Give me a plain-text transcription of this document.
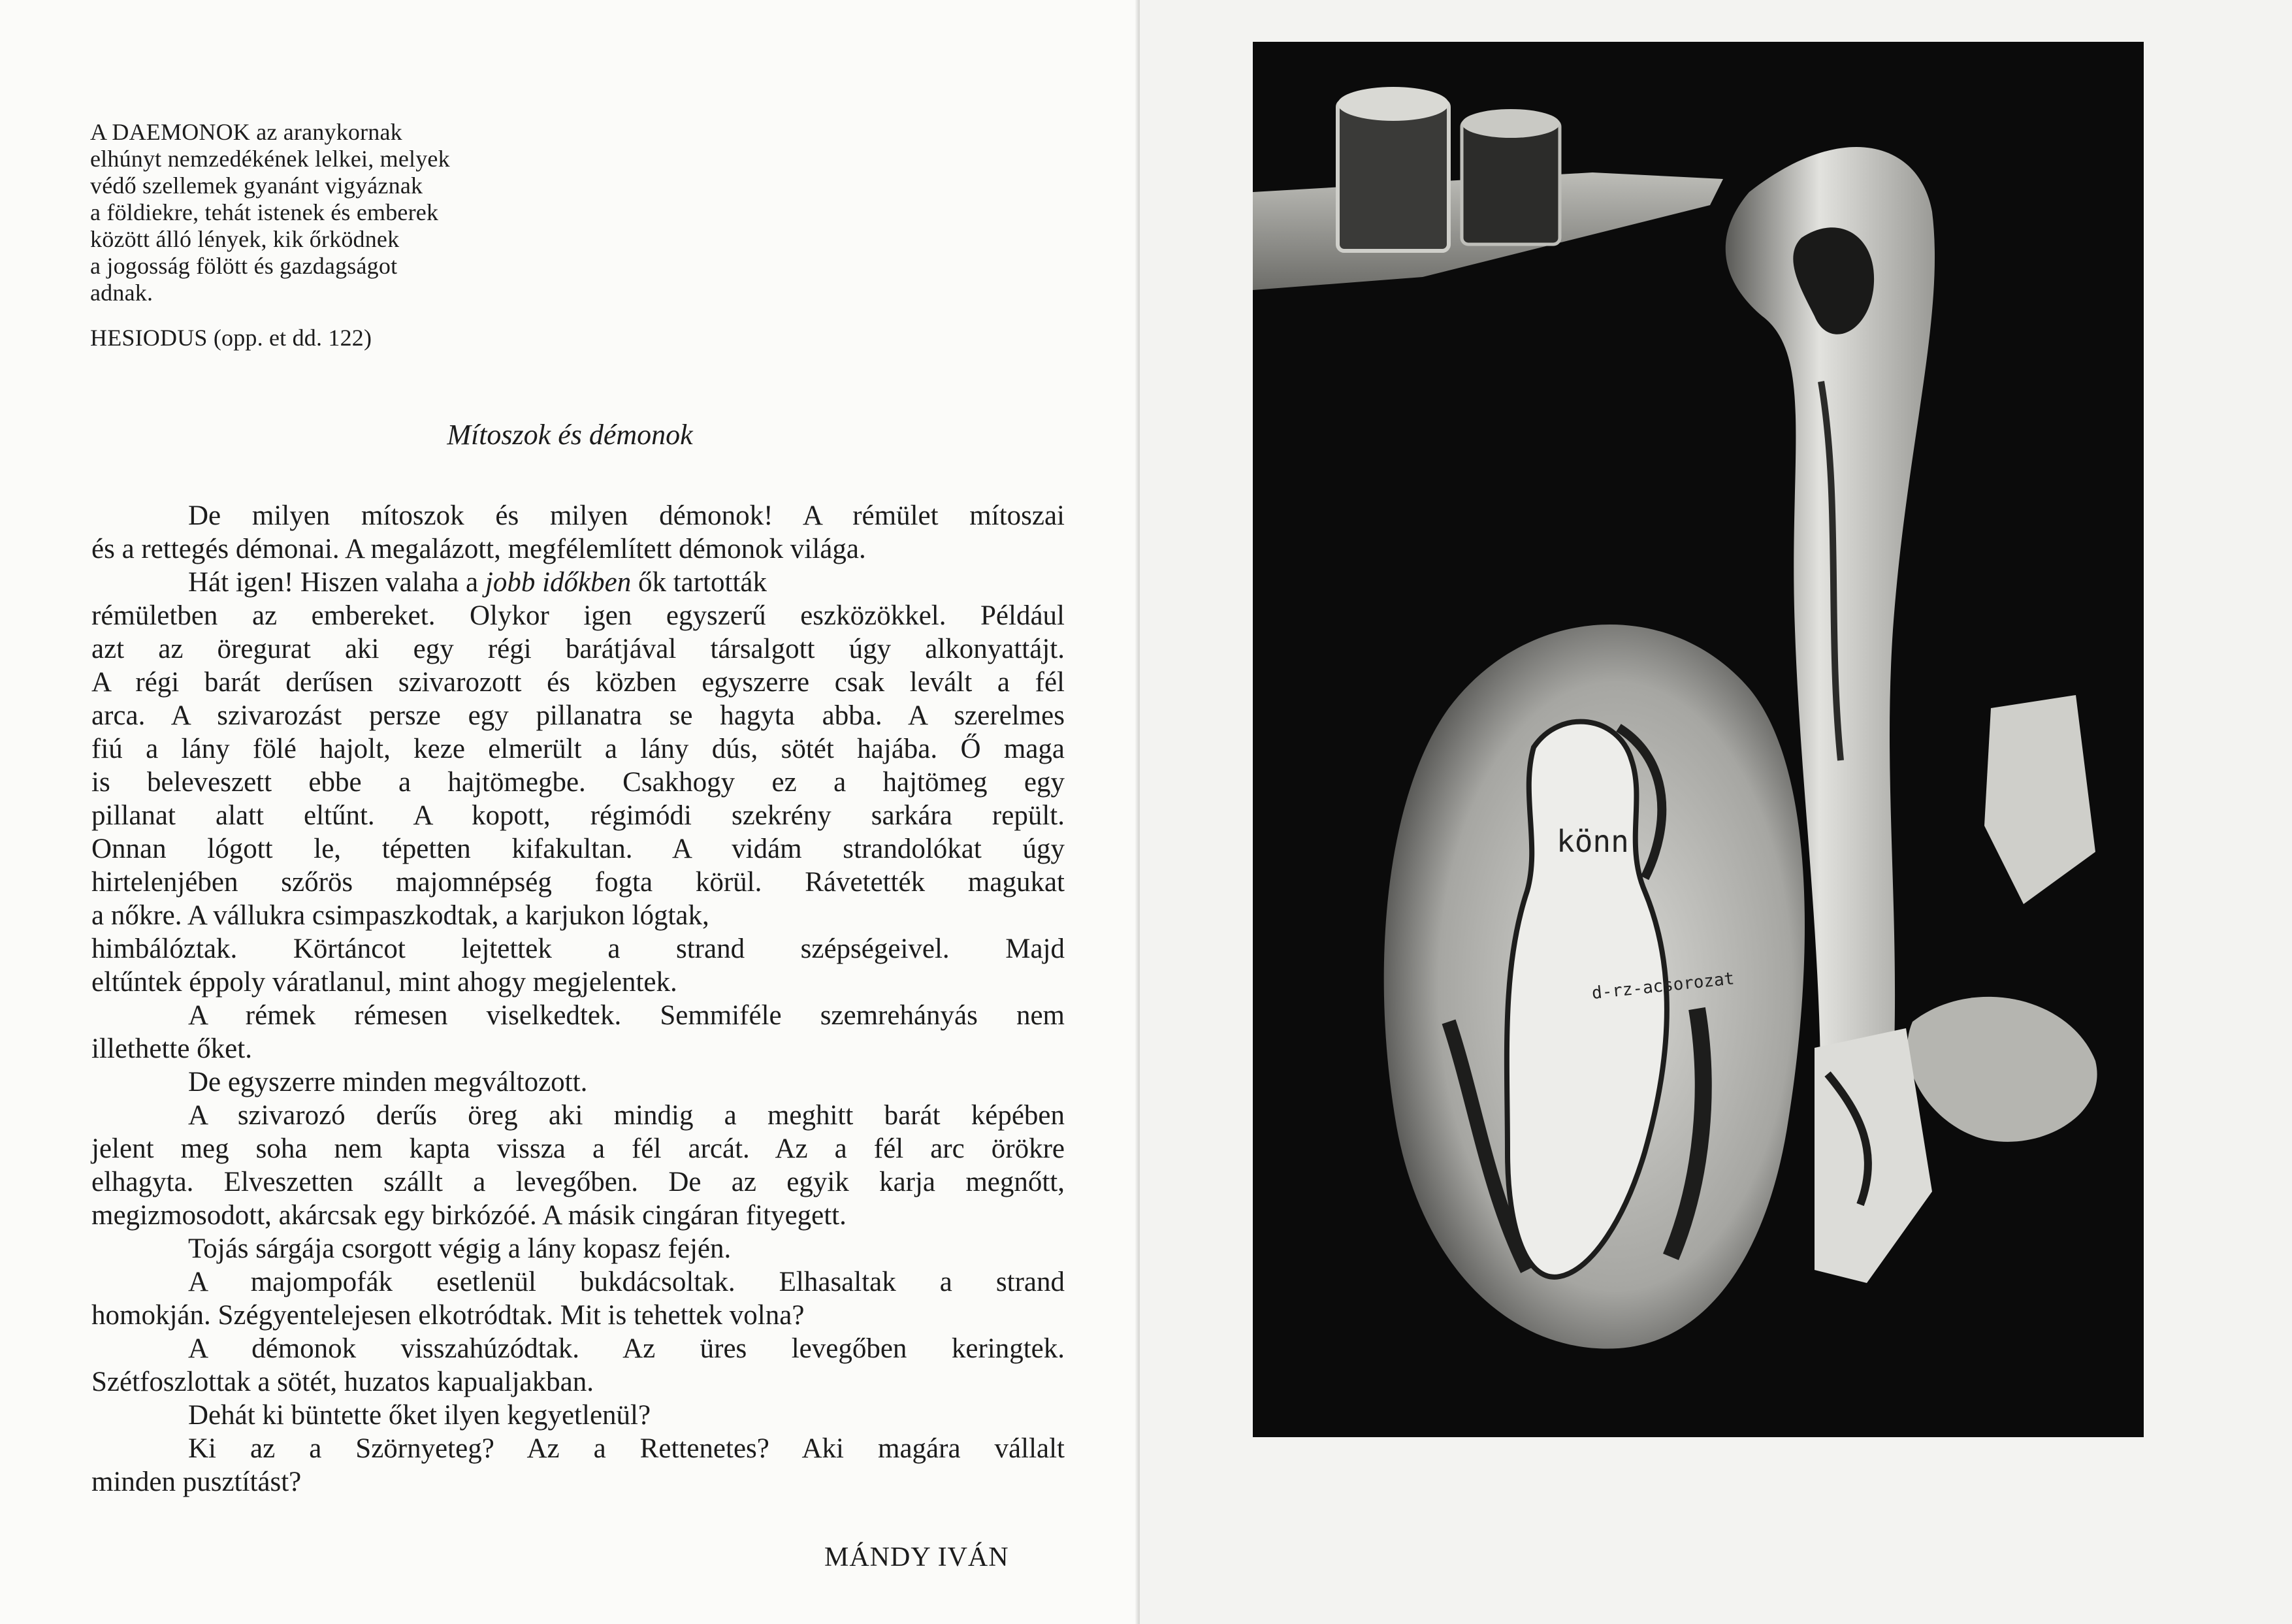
A DAEMONOK az aranykornak
elhúnyt nemzedékének lelkei, melyek
védő szellemek gyanánt vigyáznak
a földiekre, tehát istenek és emberek
között álló lények, kik őrködnek
a jogosság fölött és gazdagságot
adnak.
HESIODUS (opp. et dd. 122)
Mítoszok és démonok
De milyen mítoszok és milyen démonok! A rémület mítoszai
és a rettegés démonai. A megalázott, megfélemlített démonok világa.
Hát igen! Hiszen valaha a jobb időkben ők tartották
rémületben az embereket. Olykor igen egyszerű eszközökkel. Például
azt az öregurat aki egy régi barátjával társalgott úgy alkonyattájt.
A régi barát derűsen szivarozott és közben egyszerre csak levált a fél
arca. A szivarozást persze egy pillanatra se hagyta abba. A szerelmes
fiú a lány fölé hajolt, keze elmerült a lány dús, sötét hajába. Ő maga
is beleveszett ebbe a hajtömegbe. Csakhogy ez a hajtömeg egy
pillanat alatt eltűnt. A kopott, régimódi szekrény sarkára repült.
Onnan lógott le, tépetten kifakultan. A vidám strandolókat úgy
hirtelenjében szőrös majomnépség fogta körül. Rávetették magukat
a nőkre. A vállukra csimpaszkodtak, a karjukon lógtak,
himbálóztak. Körtáncot lejtettek a strand szépségeivel. Majd
eltűntek éppoly váratlanul, mint ahogy megjelentek.
A rémek rémesen viselkedtek. Semmiféle szemrehányás nem
illethette őket.
De egyszerre minden megváltozott.
A szivarozó derűs öreg aki mindig a meghitt barát képében
jelent meg soha nem kapta vissza a fél arcát. Az a fél arc örökre
elhagyta. Elveszetten szállt a levegőben. De az egyik karja megnőtt,
megizmosodott, akárcsak egy birkózóé. A másik cingáran fityegett.
Tojás sárgája csorgott végig a lány kopasz fején.
A majompofák esetlenül bukdácsoltak. Elhasaltak a strand
homokján. Szégyentelejesen elkotródtak. Mit is tehettek volna?
A démonok visszahúzódtak. Az üres levegőben keringtek.
Szétfoszlottak a sötét, huzatos kapualjakban.
Dehát ki büntette őket ilyen kegyetlenül?
Ki az a Szörnyeteg? Az a Rettenetes? Aki magára vállalt
minden pusztítást?
MÁNDY IVÁN
könn
d-rz-acsorozat
